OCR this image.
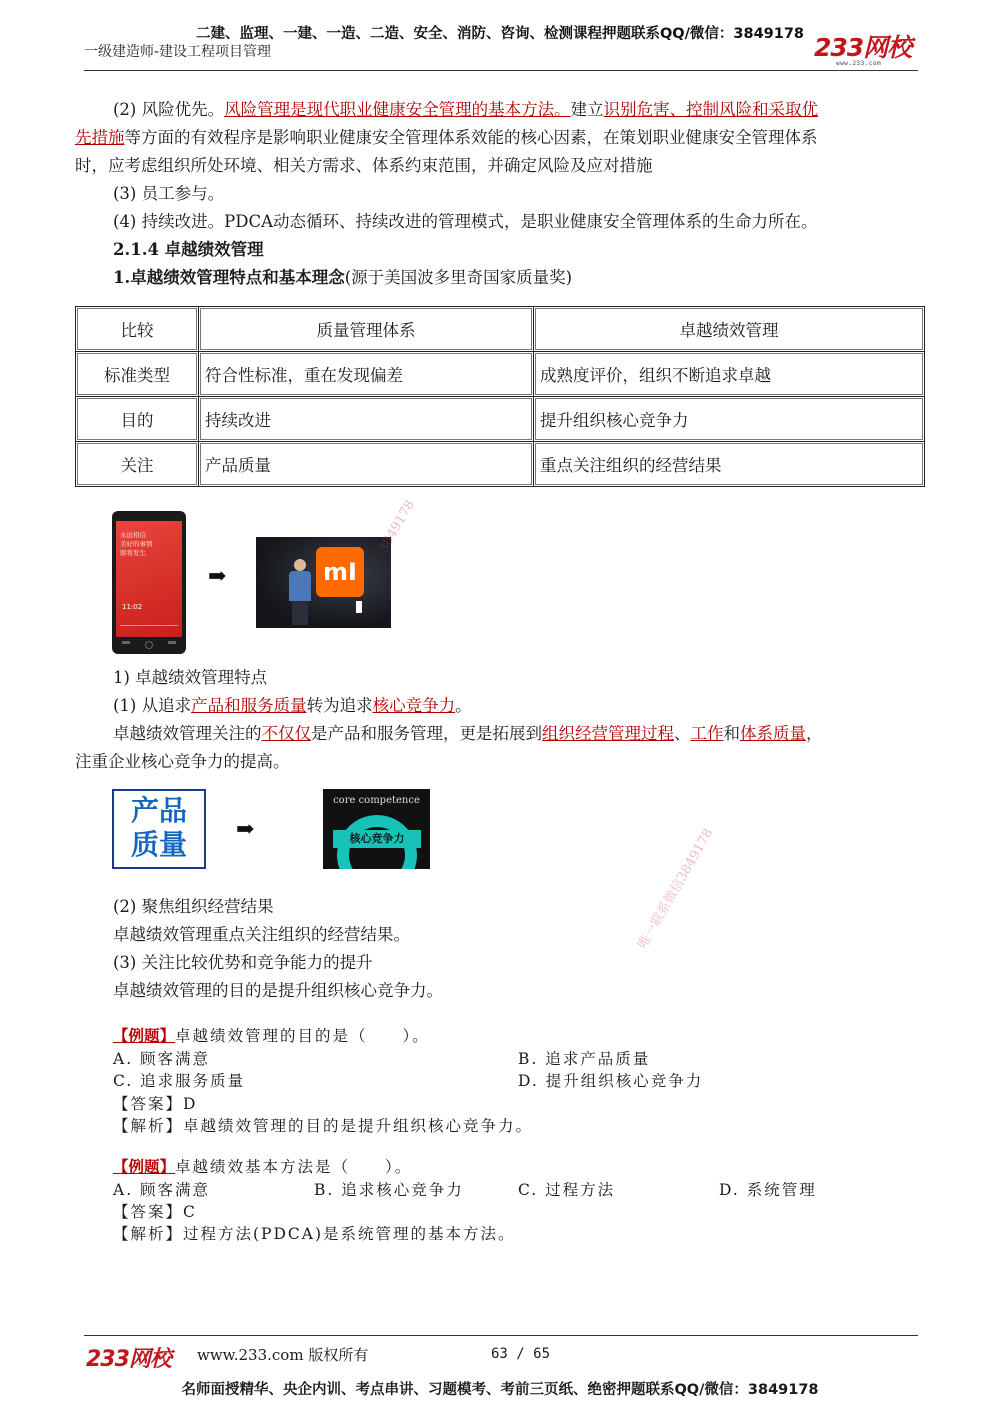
二建、监理、一建、一造、二造、安全、消防、咨询、检测课程押题联系QQ/微信：3849178
一级建造师-建设工程项目管理	233网校
www.233.com

(2) 风险优先。风险管理是现代职业健康安全管理的基本方法。建立识别危害、控制风险和采取优

先措施等方面的有效程序是影响职业健康安全管理体系效能的核心因素，在策划职业健康安全管理体系

时，应考虑组织所处环境、相关方需求、体系约束范围，并确定风险及应对措施

(3) 员工参与。

(4) 持续改进。PDCA动态循环、持续改进的管理模式，是职业健康安全管理体系的生命力所在。

2.1.4 卓越绩效管理

1.卓越绩效管理特点和基本理念(源于美国波多里奇国家质量奖)

比较	质量管理体系	卓越绩效管理
标准类型	符合性标准，重在发现偏差	成熟度评价，组织不断追求卓越
目的	持续改进	提升组织核心竞争力
关注	产品质量	重点关注组织的经营结果
永远相信
美好的事情
即将发生
11:02
➡	mI
3849178

1) 卓越绩效管理特点

(1) 从追求产品和服务质量转为追求核心竞争力。

卓越绩效管理关注的不仅仅是产品和服务管理，更是拓展到组织经营管理过程、工作和体系质量，

注重企业核心竞争力的提高。

产品
质量	➡
core competence
核心竞争力	唯一联系微信3849178

(2) 聚焦组织经营结果

卓越绩效管理重点关注组织的经营结果。

(3) 关注比较优势和竞争能力的提升

卓越绩效管理的目的是提升组织核心竞争力。

【例题】卓越绩效管理的目的是（　　）。

A. 顾客满意	B. 追求产品质量

C. 追求服务质量	D. 提升组织核心竞争力

【答案】D

【解析】卓越绩效管理的目的是提升组织核心竞争力。

【例题】卓越绩效基本方法是（　　）。

A. 顾客满意	B. 追求核心竞争力	C. 过程方法	D. 系统管理

【答案】C

【解析】过程方法(PDCA)是系统管理的基本方法。

233网校 www.233.com 版权所有	63 / 65
名师面授精华、央企内训、考点串讲、习题模考、考前三页纸、绝密押题联系QQ/微信：3849178
